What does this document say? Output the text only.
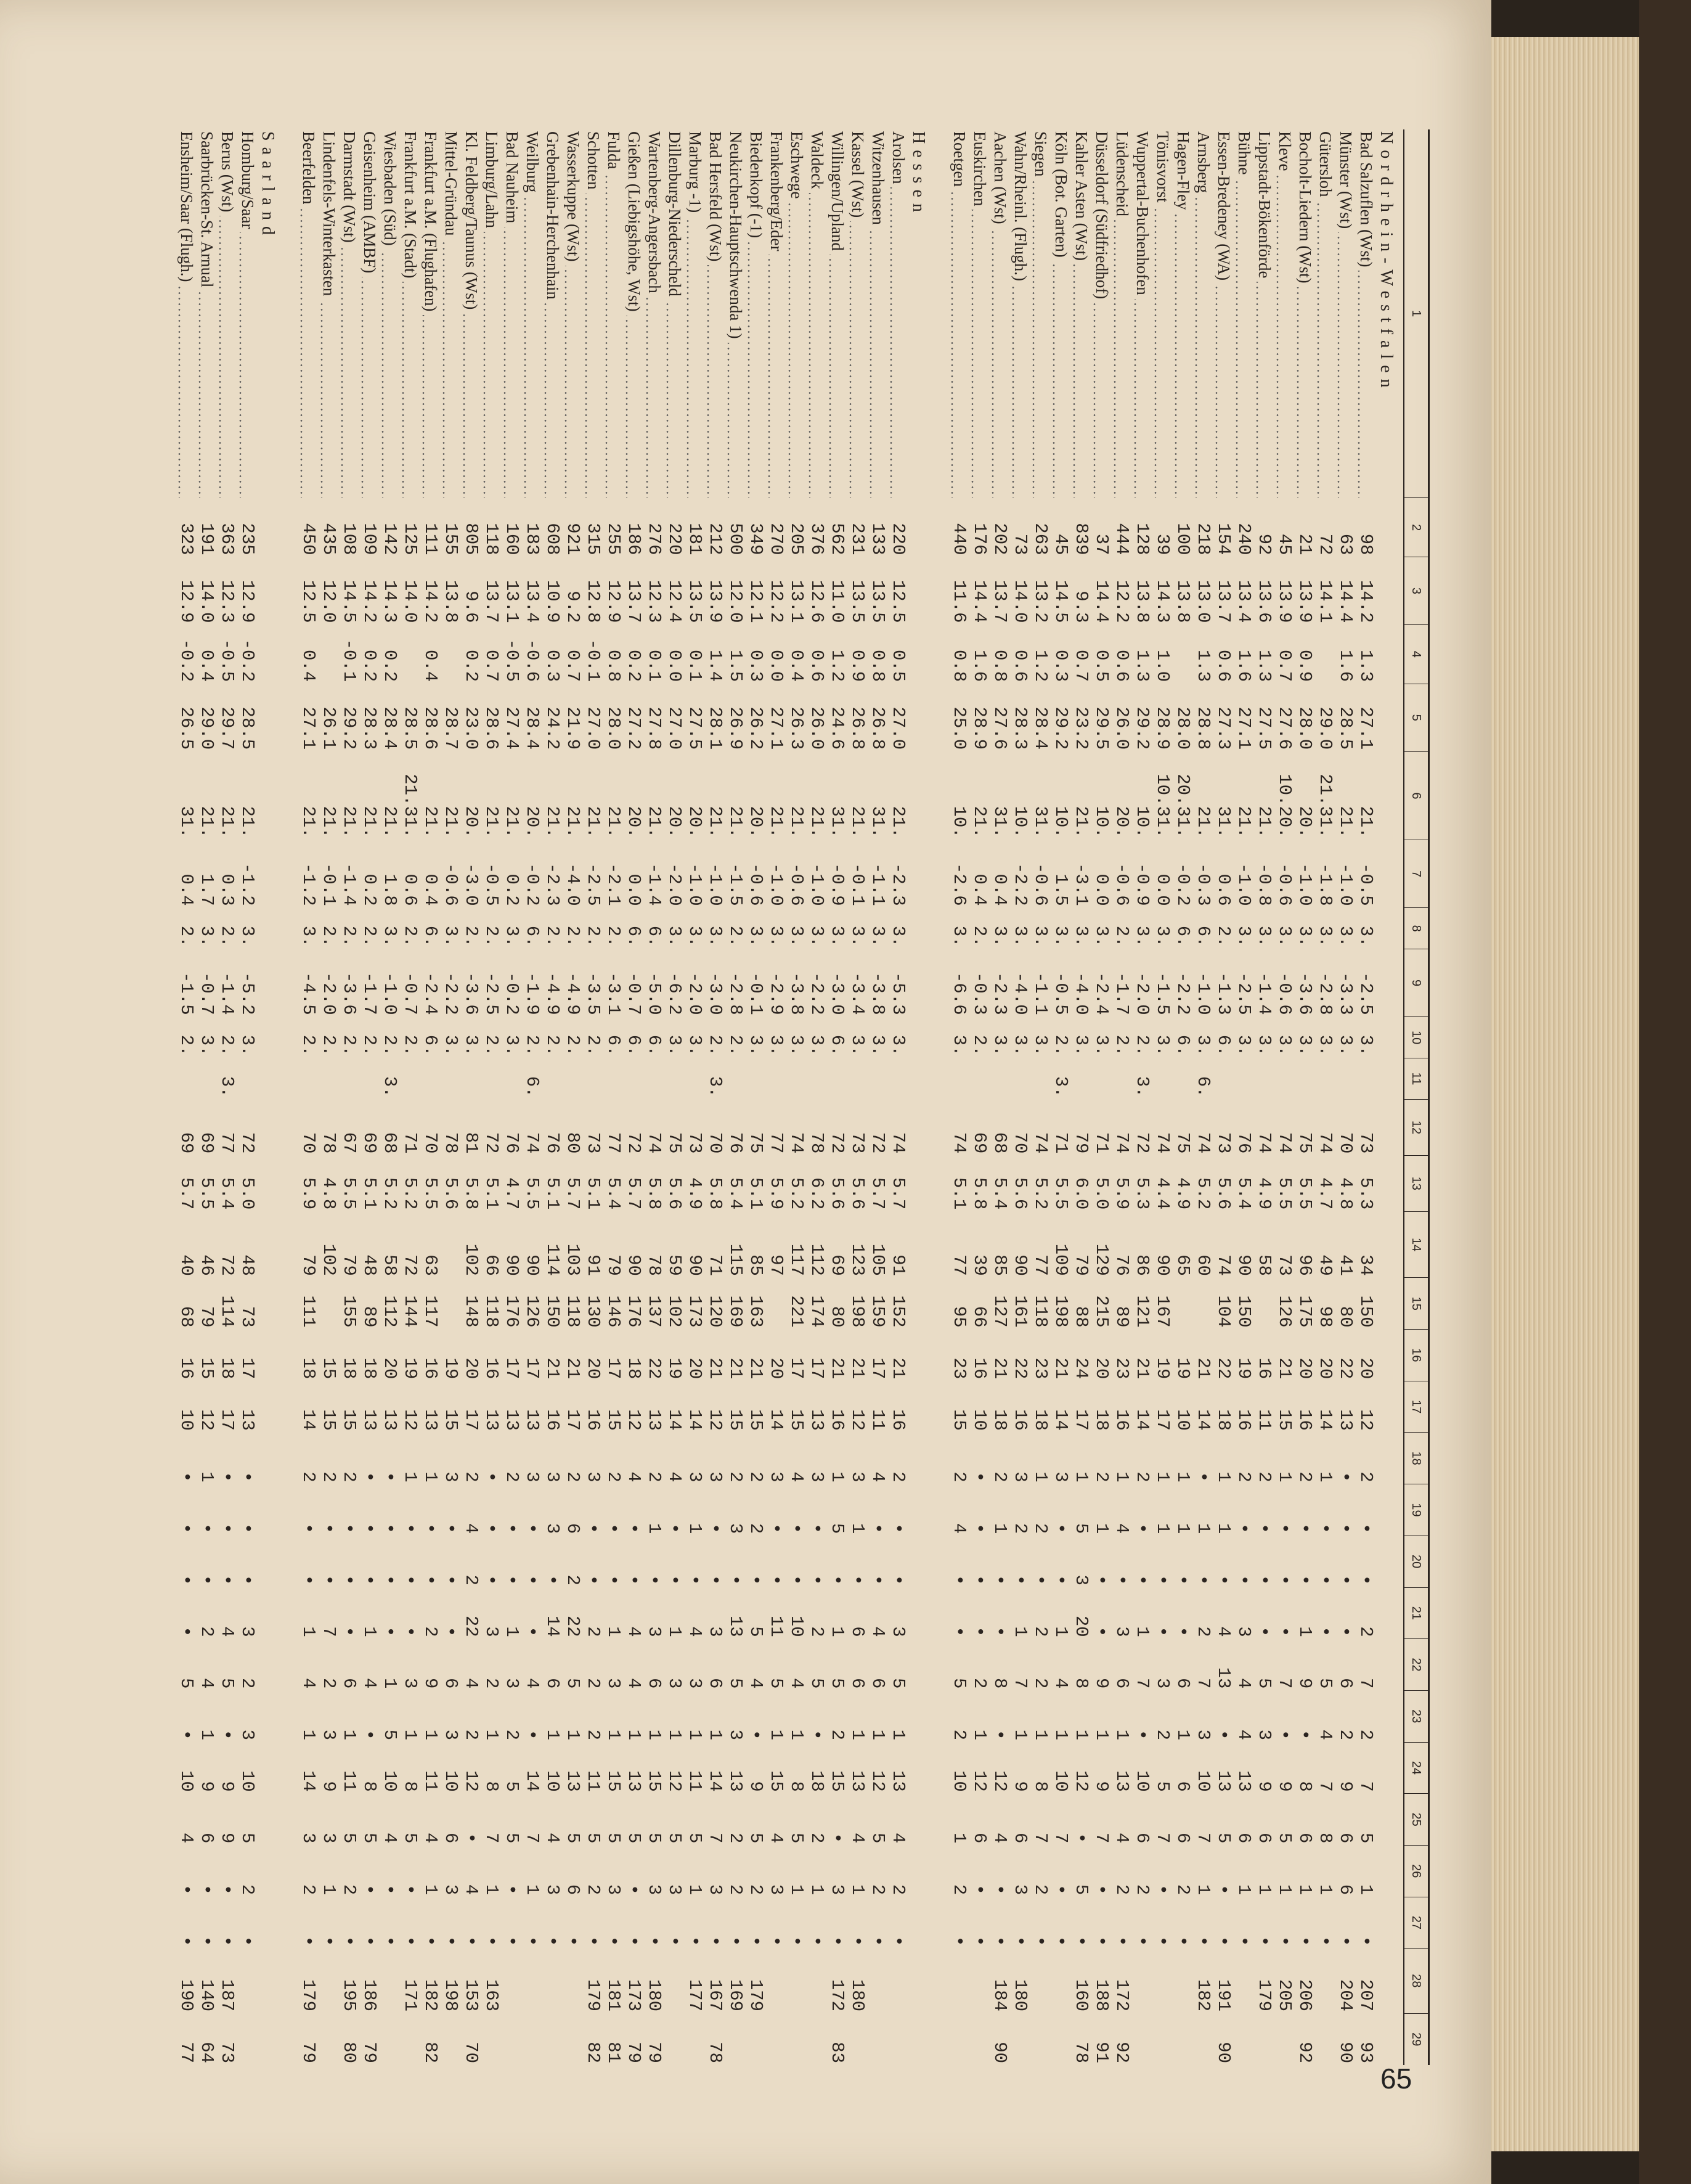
1	2	3	4	5	6	7	8	9	10	11	12	13	14	15	16	17	18	19	20	21	22	23	24	25	26	27	28	29
Nordrhein-Westfalen																												
Bad Salzuflen (Wst)	98	14.2	1.3	27.1	21.	-0.5	3.	-2.5	3.		73	5.3	34	150	20	12	2	•	•	2	7	2	7	5	1	•	207	93
Münster (Wst)	63	14.4	1.6	28.5	21.	-1.0	3.	-3.3	3.		70	4.8	41	80	22	13	•	•	•	•	6	2	9	6	6	•	204	90
Gütersloh	72	14.1		29.0	21.31.	-1.8	3.	-2.8	3.		74	4.7	49	98	20	14	1	•	•	•	5	4	7	8	1	•		
Bocholt-Liedern (Wst)	21	13.9	0.9	28.0	20.	-1.0	3.	-3.6	3.		75	5.5	96	175	20	16	2	•	•	1	9	•	8	6	1	•	206	92
Kleve	45	13.9	0.7	27.6	10.20.	-0.6	3.	-0.6	3.		74	5.5	73	126	21	15	1	•	•	•	7	•	9	5	1	•	205	
Lippstadt-Bökenförde	92	13.6	1.3	27.5	21.	-0.8	3.	-1.4	3.		74	4.9	58		16	11	2	•	•	•	5	3	9	6	1	•	179	
Bühne	240	13.4	1.6	27.1	21.	-1.0	3.	-2.5	3.		76	5.4	90	150	19	16	2	•	•	3	4	4	13	6	1	•		
Essen-Bredeney (WA)	154	13.7	0.6	27.3	31.	0.6	2.	-1.3	6.		73	5.6	74	104	22	18	1	1	•	4	13	•	13	5	•	•	191	90
Arnsberg	218	13.0	1.3	28.8	21.	-0.3	6.	-1.0	3.	6.	74	5.2	60		21	14	•	1	•	2	7	3	10	7	1	•	182	
Hagen-Fley	100	13.8		28.0	20.31.	-0.2	6.	-2.2	6.		75	4.9	65		19	10	1	1	•	•	6	1	6	6	2	•		
Tönisvorst	39	14.3	1.0	28.9	10.31.	0.0	3.	-1.5	3.		74	4.4	90	167	19	17	1	1	•	•	3	2	5	7	•	•		
Wuppertal-Buchenhofen	128	13.8	1.3	29.2	10.	-0.9	3.	-2.0	2.	3.	72	5.3	86	121	21	14	2	•	•	1	7	•	10	6	2	•		
Lüdenscheid	444	12.2	0.6	26.0	20.	-0.6	2.	-1.7	2.		74	5.9	76	89	23	16	1	4	•	3	6	1	13	4	2	•	172	92
Düsseldorf (Südfriedhof)	37	14.4	0.5	29.5	10.	0.0	3.	-2.4	3.		71	5.0	129	215	20	18	2	1	•	•	9	1	9	7	•	•	188	91
Kahler Asten (Wst)	839	9.3	0.7	23.2	21.	-3.1	3.	-4.0	3.		79	6.0	79	88	24	17	1	5	3	20	8	1	12	•	5	•	160	78
Köln (Bot. Garten)	45	14.5	0.3	29.2	10.	1.5	3.	-0.5	2.	3.	71	5.5	109	198	21	14	3	•	•	1	4	1	10	7	•	•		
Siegen	263	13.2	1.2	28.4	31.	-0.6	3.	-1.1	3.		74	5.2	77	118	23	18	1	2	•	2	2	1	8	7	2	•		
Wahn/Rheinl. (Flugh.)	73	14.0	0.6	28.3	10.	-2.2	3.	-4.0	3.		70	5.6	90	161	22	16	3	2	•	1	7	1	9	6	3	•	180	
Aachen (Wst)	202	13.7	0.8	27.6	31.	0.4	3.	-2.3	3.		68	5.4	85	127	21	18	2	1	•	•	8	•	12	4	•	•	184	90
Euskirchen	176	14.4	1.6	28.9	21.	0.4	2.	-0.3	2.		69	5.8	39	66	16	10	•	•	•	•	2	1	12	6	•	•		
Roetgen	440	11.6	0.8	25.0	10.	-2.6	3.	-6.6	3.		74	5.1	77	95	23	15	2	4	•	•	5	2	10	1	2	•		

Hessen																												
Arolsen	220	12.5	0.5	27.0	21.	-2.3	3.	-5.3	3.		74	5.7	91	152	21	16	2	•	•	3	5	1	13	4	2	•		
Witzenhausen	133	13.5	0.8	26.8	31.	-1.1	3.	-3.8	3.		72	5.7	105	159	17	11	4	•	•	4	6	1	12	5	2	•		
Kassel (Wst)	231	13.5	0.9	26.8	21.	-0.1	3.	-3.4	3.		73	5.6	123	198	21	12	3	1	•	6	6	1	13	4	1	•	180	
Willingen/Upland	562	11.0	1.2	24.6	31.	-0.9	3.	-3.0	6.		72	5.6	69	80	21	16	1	5	•	1	5	2	15	•	3	•	172	83
Waldeck	376	12.6	0.6	26.0	21.	-1.0	3.	-2.2	3.		78	6.2	112	174	17	13	3	•	•	2	5	•	18	2	1	•		
Eschwege	205	13.1	0.4	26.3	21.	-0.6	3.	-3.8	3.		74	5.2	117	221	17	15	4	•	•	10	4	1	8	5	1	•		
Frankenberg/Eder	270	12.2	0.0	27.1	21.	-1.0	3.	-2.9	3.		77	5.9	97		20	14	3	•	•	11	5	1	15	4	3	•		
Biedenkopf (-1)	349	12.1	0.3	26.2	20.	-0.6	3.	-0.1	3.		75	5.1	85	163	21	15	2	2	•	5	4	•	9	5	2	•	179	
Neukirchen-Hauptschwenda 1)	500	12.0	1.5	26.9	21.	-1.5	2.	-2.8	2.		76	5.4	115	169	21	15	2	3	•	13	5	3	13	2	2	•	169	
Bad Hersfeld (Wst)	212	13.9	1.4	28.1	21.	-1.0	3.	-3.0	2.	3.	70	5.8	71	120	21	12	3	•	•	3	6	1	14	7	3	•	167	78
Marburg -1)	181	13.5	0.1	27.5	20.	-1.0	3.	-2.0	3.		73	4.9	90	173	20	14	3	1	•	4	3	1	11	5	1	•	177	
Dillenburg-Niederscheld	220	12.4	0.0	27.0	20.	-2.0	3.	-6.2	3.		75	5.6	59	102	19	14	4	•	•	1	3	1	12	5	3	•		
Wartenberg-Angersbach	276	12.3	0.1	27.8	21.	-1.4	6.	-5.0	6.		74	5.8	78	137	22	13	2	1	•	3	6	1	15	5	3	•	180	79
Gießen (Liebigshöhe, Wst)	186	13.7	0.2	27.2	20.	0.0	6.	-0.7	6.		72	5.7	90	176	18	12	4	•	•	4	4	1	13	5	•	•	173	79
Fulda	255	12.9	0.8	28.0	21.	-2.1	2.	-3.1	6.		77	5.4	79	146	17	15	2	•	•	1	3	1	15	5	3	•	181	81
Schotten	315	12.8	-0.1	27.0	21.	-2.5	2.	-3.5	2.		73	5.1	91	130	20	16	3	•	•	2	2	2	11	5	2	•	179	82
Wasserkuppe (Wst)	921	9.2	0.7	21.9	21.	-4.0	2.	-4.9	2.		80	5.7	103	118	21	17	2	6	2	22	5	1	13	5	6	•		
Grebenhain-Herchenhain	608	10.9	0.3	24.2	21.	-2.3	2.	-4.9	2.		76	5.1	114	150	21	16	3	3	•	14	6	1	10	4	3	•		
Weilburg	183	13.4	-0.6	28.4	20.	-0.2	6.	-1.9	2.	6.	74	5.5	90	126	17	13	3	•	•	•	4	•	14	7	1	•		
Bad Nauheim	160	13.1	-0.5	27.4	21.	0.2	3.	-0.2	3.		76	4.7	90	176	17	13	2	•	•	1	3	2	5	5	•	•		
Limburg/Lahn	118	13.7	0.7	28.6	21.	-0.5	2.	-2.5	2.		72	5.1	66	118	16	13	•	•	•	3	2	1	8	7	1	•	163	
Kl. Feldberg/Taunus (Wst)	805	9.6	0.2	23.0	20.	-3.0	2.	-3.6	3.		81	5.8	102	148	20	17	2	4	2	22	4	2	12	•	4	•	153	70
Mittel-Gründau	155	13.8		28.7	21.	-0.6	3.	-2.2	3.		78	5.6			19	15	3	•	•	•	6	3	10	6	3	•	198	
Frankfurt a.M. (Flughafen)	111	14.2	0.4	28.6	21.	0.4	6.	-2.4	6.		70	5.5	63	117	16	13	1	•	•	2	9	1	11	4	1	•	182	82
Frankfurt a.M. (Stadt)	125	14.0		28.5	21.31.	0.6	2.	-0.7	2.		71	5.2	72	144	19	12	1	•	•	•	3	1	8	5	•	•	171	
Wiesbaden (Süd)	142	14.3	0.2	28.4	21.	1.8	3.	-1.0	2.	3.	68	5.2	58	112	20	13	•	•	•	•	1	5	10	4	•	•		
Geisenheim (AMBF)	109	14.2	0.2	28.3	21.	0.2	2.	-1.7	2.		69	5.1	48	89	18	13	•	•	•	1	4	•	8	5	•	•	186	79
Darmstadt (Wst)	108	14.5	-0.1	29.2	21.	-1.4	2.	-3.6	2.		67	5.5	79	155	18	15	2	•	•	•	6	1	11	5	2	•	195	80
Lindenfels-Winterkasten	435	12.0		26.1	21.	-0.1	2.	-2.0	2.		78	4.8	102		15	15	2	•	•	7	2	3	9	3	1	•		
Beerfelden	450	12.5	0.4	27.1	21.	-1.2	3.	-4.5	2.		70	5.9	79	111	18	14	2	•	•	1	4	1	14	3	2	•	179	79

Saarland																												
Homburg/Saar	235	12.9	-0.2	28.5	21.	-1.2	3.	-5.2	3.		72	5.0	48	73	17	13	•	•	•	3	2	3	10	5	2	•		
Berus (Wst)	363	12.3	-0.5	29.7	21.	0.3	2.	-1.4	2.	3.	77	5.4	72	114	18	17	•	•	•	4	5	•	9	9	•	•	187	73
Saarbrücken-St. Arnual	191	14.0	0.4	29.0	21.	1.7	3.	-0.7	3.		69	5.5	46	79	15	12	1	•	•	2	4	1	9	6	•	•	140	64
Ensheim/Saar (Flugh.)	323	12.9	-0.2	26.5	31.	0.4	2.	-1.5	2.		69	5.7	40	68	16	10	•	•	•	•	5	•	10	4	•	•	190	77
65
